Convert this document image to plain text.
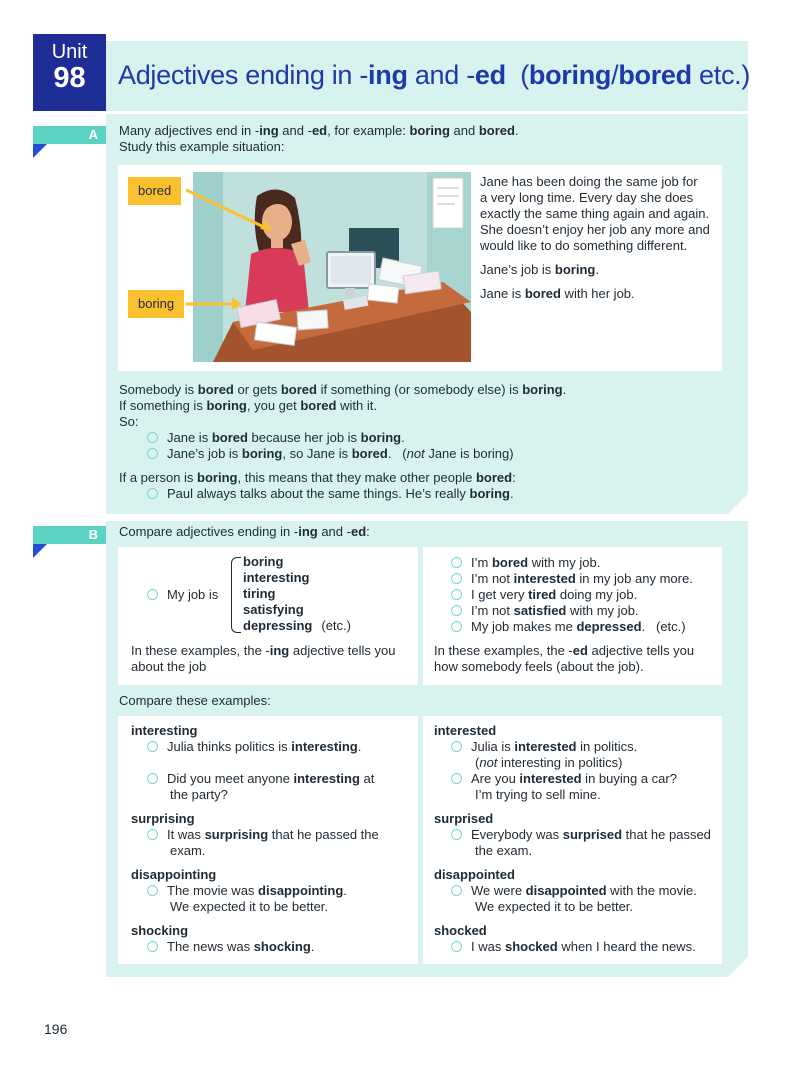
Unit
98	Adjectives ending in -ing and -ed  (boring/bored etc.)
A	Many adjectives end in -ing and -ed, for example: boring and bored.
Study this example situation:
bored
boring
Jane has been doing the same job for
a very long time. Every day she does
exactly the same thing again and again.
She doesn’t enjoy her job any more and
would like to do something different.
Jane’s job is boring.
Jane is bored with her job.
Somebody is bored or gets bored if something (or somebody else) is boring.
If something is boring, you get bored with it.
So:
Jane is bored because her job is boring.
Jane’s job is boring, so Jane is bored.   (not Jane is boring)
If a person is boring, this means that they make other people bored:
Paul always talks about the same things. He’s really boring.
B	Compare adjectives ending in -ing and -ed:
My job is
boring
interesting
tiring
satisfying
depressing (etc.)
In these examples, the -ing adjective tells you
about the job
I’m bored with my job.
I’m not interested in my job any more.
I get very tired doing my job.
I’m not satisfied with my job.
My job makes me depressed.   (etc.)
In these examples, the -ed adjective tells you
how somebody feels (about the job).
Compare these examples:
interesting
Julia thinks politics is interesting.
Did you meet anyone interesting at
the party?
surprising
It was surprising that he passed the
exam.
disappointing
The movie was disappointing.
We expected it to be better.
shocking
The news was shocking.
interested
Julia is interested in politics.
(not interesting in politics)
Are you interested in buying a car?
I’m trying to sell mine.
surprised
Everybody was surprised that he passed
the exam.
disappointed
We were disappointed with the movie.
We expected it to be better.
shocked
I was shocked when I heard the news.
196
